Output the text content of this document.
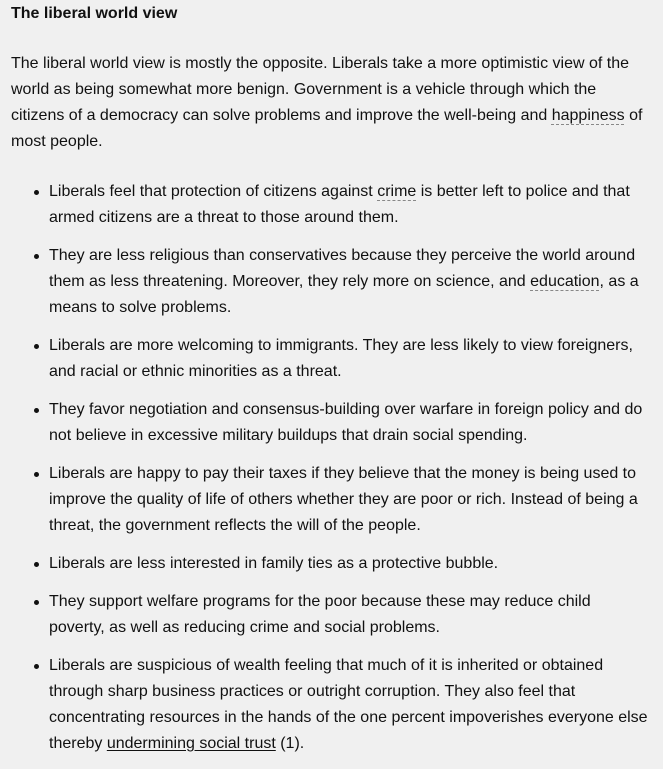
The liberal world view

The liberal world view is mostly the opposite. Liberals take a more optimistic view of the world as being somewhat more benign. Government is a vehicle through which the citizens of a democracy can solve problems and improve the well-being and happiness of most people.

Liberals feel that protection of citizens against crime is better left to police and that armed citizens are a threat to those around them.
They are less religious than conservatives because they perceive the world around them as less threatening. Moreover, they rely more on science, and education, as a means to solve problems.
Liberals are more welcoming to immigrants. They are less likely to view foreigners, and racial or ethnic minorities as a threat.
They favor negotiation and consensus-building over warfare in foreign policy and do not believe in excessive military buildups that drain social spending.
Liberals are happy to pay their taxes if they believe that the money is being used to improve the quality of life of others whether they are poor or rich. Instead of being a threat, the government reflects the will of the people.
Liberals are less interested in family ties as a protective bubble.
They support welfare programs for the poor because these may reduce child poverty, as well as reducing crime and social problems.
Liberals are suspicious of wealth feeling that much of it is inherited or obtained through sharp business practices or outright corruption. They also feel that concentrating resources in the hands of the one percent impoverishes everyone else thereby undermining social trust (1).
